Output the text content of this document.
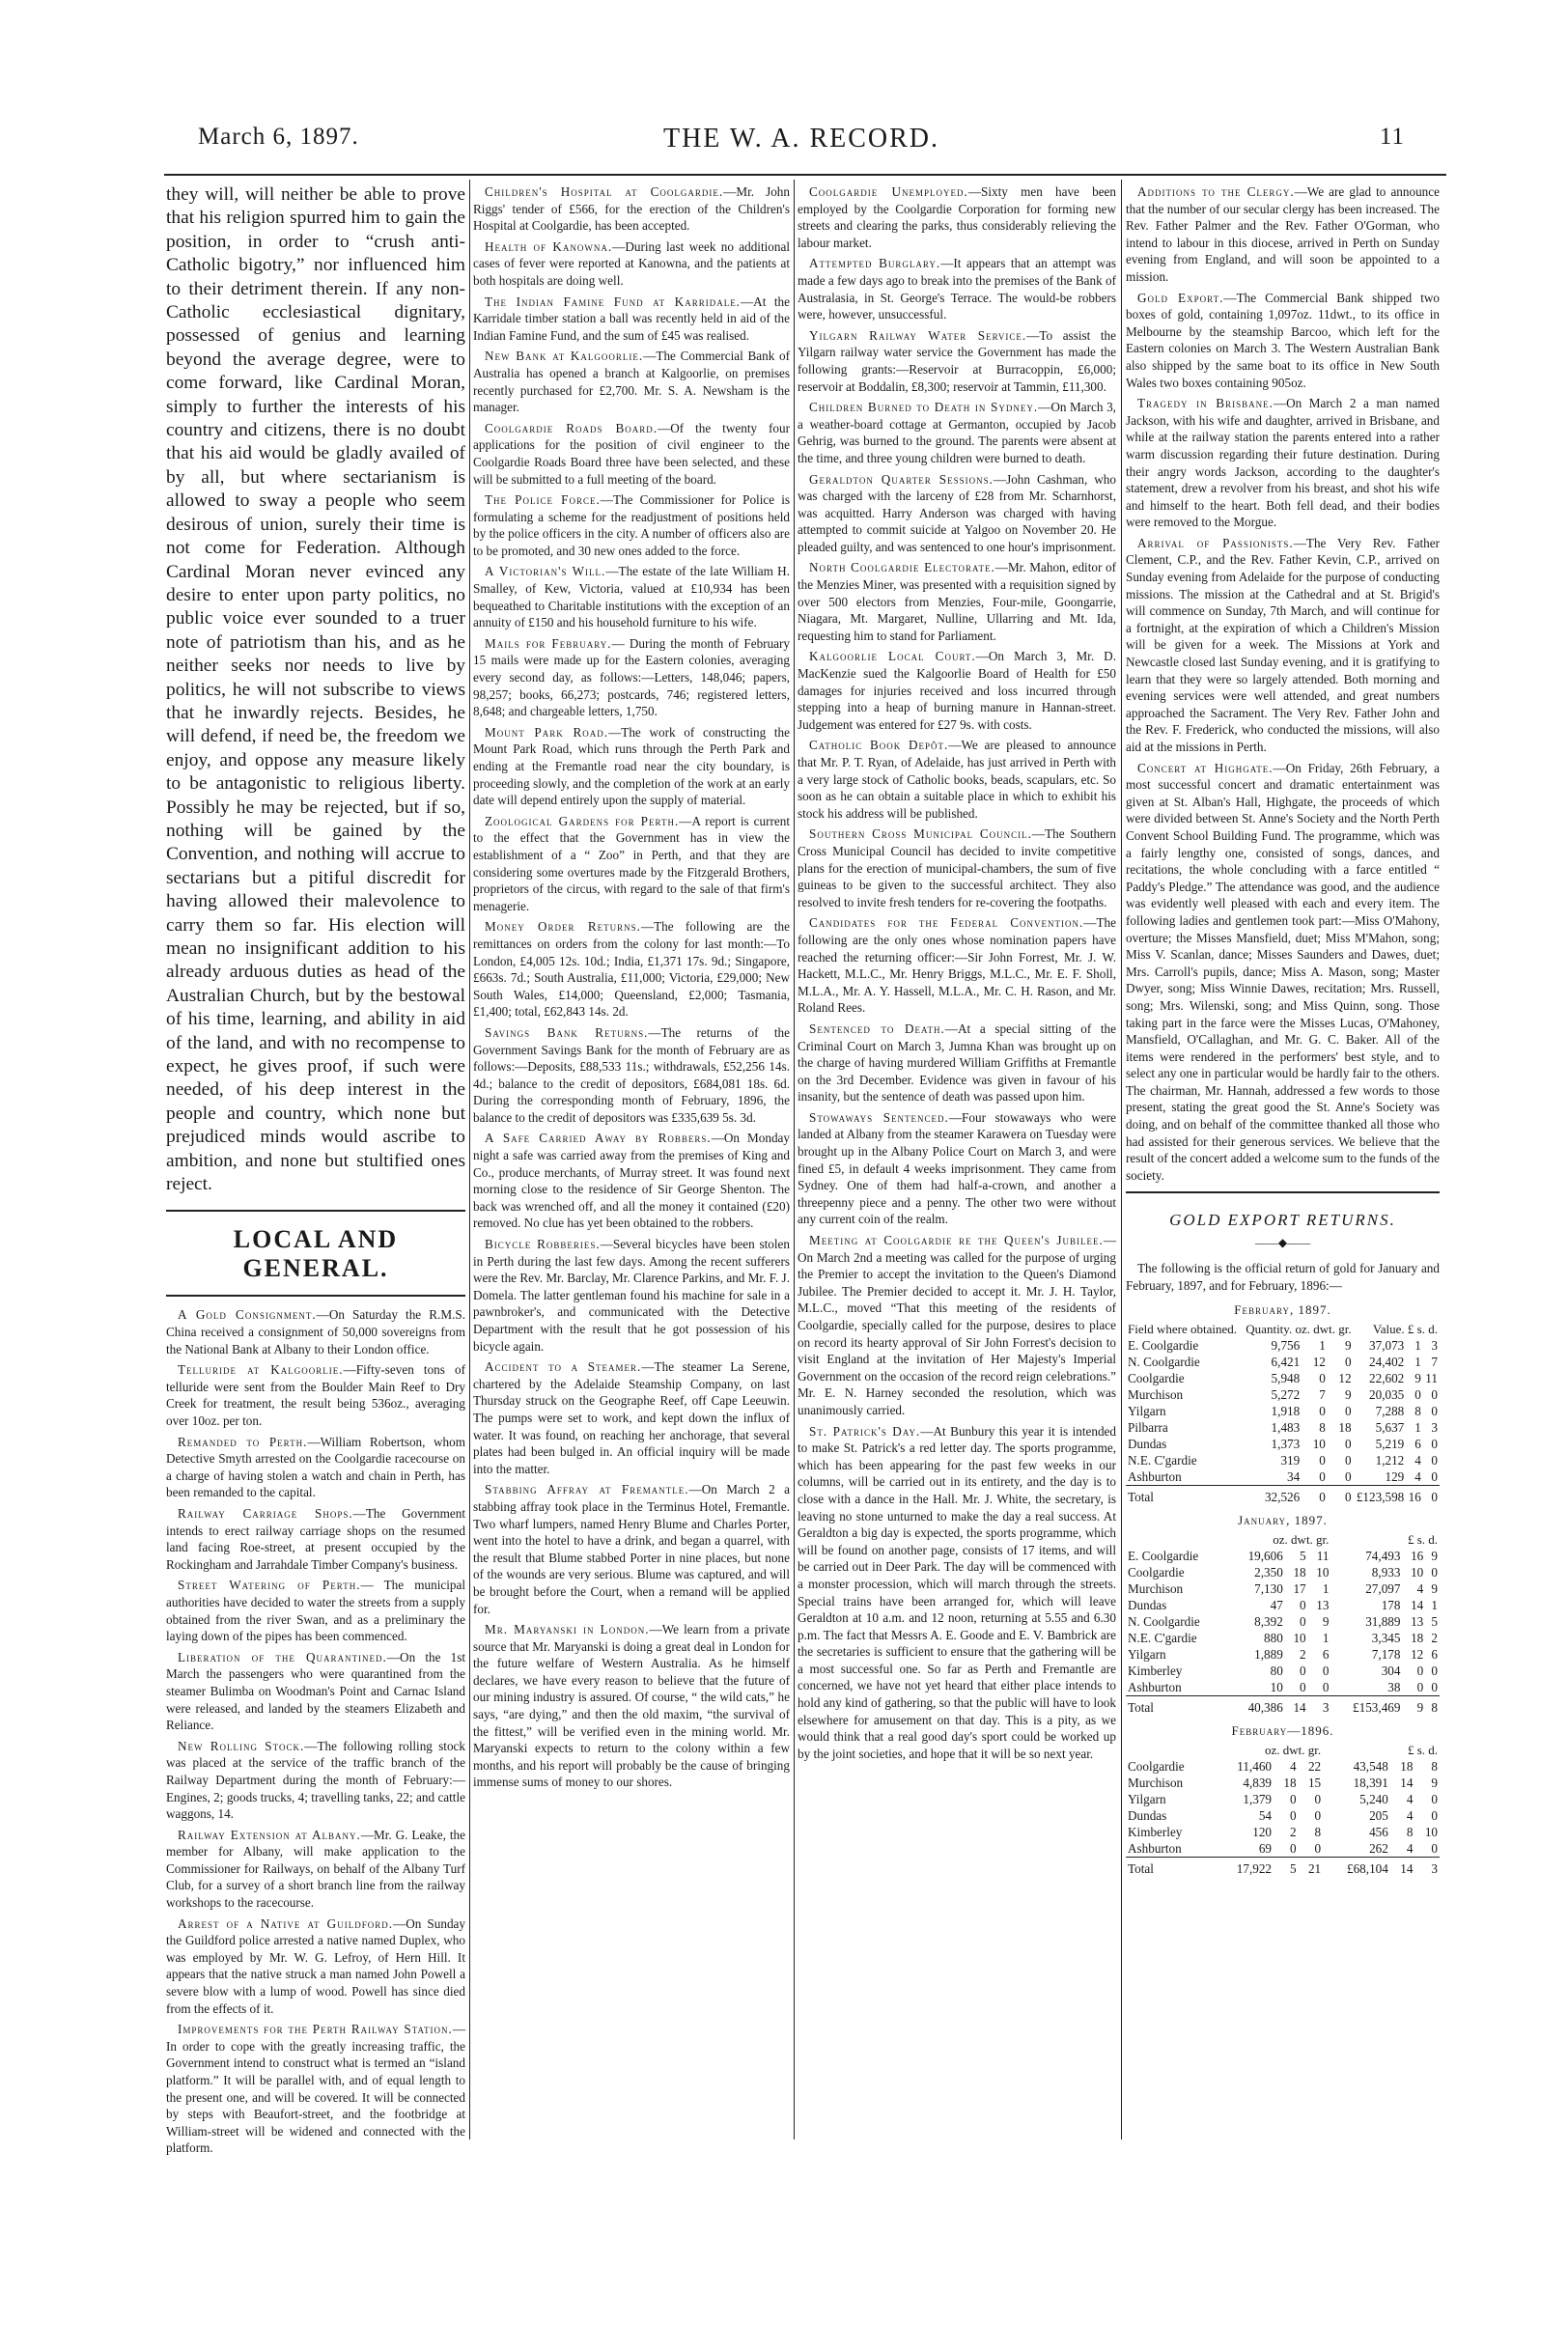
March 6, 1897.	THE W. A. RECORD.	11

they will, will neither be able to prove that his religion spurred him to gain the position, in order to “crush anti-Catholic bigotry,” nor influenced him to their detriment therein. If any non-Catholic ecclesiastical dignitary, possessed of genius and learning beyond the average degree, were to come forward, like Cardinal Moran, simply to further the interests of his country and citizens, there is no doubt that his aid would be gladly availed of by all, but where sectarianism is allowed to sway a people who seem desirous of union, surely their time is not come for Federation. Although Cardinal Moran never evinced any desire to enter upon party politics, no public voice ever sounded to a truer note of patriotism than his, and as he neither seeks nor needs to live by politics, he will not subscribe to views that he inwardly rejects. Besides, he will defend, if need be, the freedom we enjoy, and oppose any measure likely to be antagonistic to religious liberty. Possibly he may be rejected, but if so, nothing will be gained by the Convention, and nothing will accrue to sectarians but a pitiful discredit for having allowed their malevolence to carry them so far. His election will mean no insignificant addition to his already arduous duties as head of the Australian Church, but by the bestowal of his time, learning, and ability in aid of the land, and with no recompense to expect, he gives proof, if such were needed, of his deep interest in the people and country, which none but prejudiced minds would ascribe to ambition, and none but stultified ones reject.

LOCAL AND GENERAL.

A Gold Consignment.—On Saturday the R.M.S. China received a consignment of 50,000 sovereigns from the National Bank at Albany to their London office.

Telluride at Kalgoorlie.—Fifty-seven tons of telluride were sent from the Boulder Main Reef to Dry Creek for treatment, the result being 536oz., averaging over 10oz. per ton.

Remanded to Perth.—William Robertson, whom Detective Smyth arrested on the Coolgardie racecourse on a charge of having stolen a watch and chain in Perth, has been remanded to the capital.

Railway Carriage Shops.—The Government intends to erect railway carriage shops on the resumed land facing Roe-street, at present occupied by the Rockingham and Jarrahdale Timber Company's business.

Street Watering of Perth.— The municipal authorities have decided to water the streets from a supply obtained from the river Swan, and as a preliminary the laying down of the pipes has been commenced.

Liberation of the Quarantined.—On the 1st March the passengers who were quarantined from the steamer Bulimba on Woodman's Point and Carnac Island were released, and landed by the steamers Elizabeth and Reliance.

New Rolling Stock.—The following rolling stock was placed at the service of the traffic branch of the Railway Department during the month of February:—Engines, 2; goods trucks, 4; travelling tanks, 22; and cattle waggons, 14.

Railway Extension at Albany.—Mr. G. Leake, the member for Albany, will make application to the Commissioner for Railways, on behalf of the Albany Turf Club, for a survey of a short branch line from the railway workshops to the racecourse.

Arrest of a Native at Guildford.—On Sunday the Guildford police arrested a native named Duplex, who was employed by Mr. W. G. Lefroy, of Hern Hill. It appears that the native struck a man named John Powell a severe blow with a lump of wood. Powell has since died from the effects of it.

Improvements for the Perth Railway Station.—In order to cope with the greatly increasing traffic, the Government intend to construct what is termed an “island platform.” It will be parallel with, and of equal length to the present one, and will be covered. It will be connected by steps with Beaufort-street, and the footbridge at William-street will be widened and connected with the platform.

Children's Hospital at Coolgardie.—Mr. John Riggs' tender of £566, for the erection of the Children's Hospital at Coolgardie, has been accepted.

Health of Kanowna.—During last week no additional cases of fever were reported at Kanowna, and the patients at both hospitals are doing well.

The Indian Famine Fund at Karridale.—At the Karridale timber station a ball was recently held in aid of the Indian Famine Fund, and the sum of £45 was realised.

New Bank at Kalgoorlie.—The Commercial Bank of Australia has opened a branch at Kalgoorlie, on premises recently purchased for £2,700. Mr. S. A. Newsham is the manager.

Coolgardie Roads Board.—Of the twenty four applications for the position of civil engineer to the Coolgardie Roads Board three have been selected, and these will be submitted to a full meeting of the board.

The Police Force.—The Commissioner for Police is formulating a scheme for the readjustment of positions held by the police officers in the city. A number of officers also are to be promoted, and 30 new ones added to the force.

A Victorian's Will.—The estate of the late William H. Smalley, of Kew, Victoria, valued at £10,934 has been bequeathed to Charitable institutions with the exception of an annuity of £150 and his household furniture to his wife.

Mails for February.— During the month of February 15 mails were made up for the Eastern colonies, averaging every second day, as follows:—Letters, 148,046; papers, 98,257; books, 66,273; postcards, 746; registered letters, 8,648; and chargeable letters, 1,750.

Mount Park Road.—The work of constructing the Mount Park Road, which runs through the Perth Park and ending at the Fremantle road near the city boundary, is proceeding slowly, and the completion of the work at an early date will depend entirely upon the supply of material.

Zoological Gardens for Perth.—A report is current to the effect that the Government has in view the establishment of a “ Zoo” in Perth, and that they are considering some overtures made by the Fitzgerald Brothers, proprietors of the circus, with regard to the sale of that firm's menagerie.

Money Order Returns.—The following are the remittances on orders from the colony for last month:—To London, £4,005 12s. 10d.; India, £1,371 17s. 9d.; Singapore, £663s. 7d.; South Australia, £11,000; Victoria, £29,000; New South Wales, £14,000; Queensland, £2,000; Tasmania, £1,400; total, £62,843 14s. 2d.

Savings Bank Returns.—The returns of the Government Savings Bank for the month of February are as follows:—Deposits, £88,533 11s.; withdrawals, £52,256 14s. 4d.; balance to the credit of depositors, £684,081 18s. 6d. During the corresponding month of February, 1896, the balance to the credit of depositors was £335,639 5s. 3d.

A Safe Carried Away by Robbers.—On Monday night a safe was carried away from the premises of King and Co., produce merchants, of Murray street. It was found next morning close to the residence of Sir George Shenton. The back was wrenched off, and all the money it contained (£20) removed. No clue has yet been obtained to the robbers.

Bicycle Robberies.—Several bicycles have been stolen in Perth during the last few days. Among the recent sufferers were the Rev. Mr. Barclay, Mr. Clarence Parkins, and Mr. F. J. Domela. The latter gentleman found his machine for sale in a pawnbroker's, and communicated with the Detective Department with the result that he got possession of his bicycle again.

Accident to a Steamer.—The steamer La Serene, chartered by the Adelaide Steamship Company, on last Thursday struck on the Geographe Reef, off Cape Leeuwin. The pumps were set to work, and kept down the influx of water. It was found, on reaching her anchorage, that several plates had been bulged in. An official inquiry will be made into the matter.

Stabbing Affray at Fremantle.—On March 2 a stabbing affray took place in the Terminus Hotel, Fremantle. Two wharf lumpers, named Henry Blume and Charles Porter, went into the hotel to have a drink, and began a quarrel, with the result that Blume stabbed Porter in nine places, but none of the wounds are very serious. Blume was captured, and will be brought before the Court, when a remand will be applied for.

Mr. Maryanski in London.—We learn from a private source that Mr. Maryanski is doing a great deal in London for the future welfare of Western Australia. As he himself declares, we have every reason to believe that the future of our mining industry is assured. Of course, “ the wild cats,” he says, “are dying,” and then the old maxim, “the survival of the fittest,” will be verified even in the mining world. Mr. Maryanski expects to return to the colony within a few months, and his report will probably be the cause of bringing immense sums of money to our shores.

Coolgardie Unemployed.—Sixty men have been employed by the Coolgardie Corporation for forming new streets and clearing the parks, thus considerably relieving the labour market.

Attempted Burglary.—It appears that an attempt was made a few days ago to break into the premises of the Bank of Australasia, in St. George's Terrace. The would-be robbers were, however, unsuccessful.

Yilgarn Railway Water Service.—To assist the Yilgarn railway water service the Government has made the following grants:—Reservoir at Burracoppin, £6,000; reservoir at Boddalin, £8,300; reservoir at Tammin, £11,300.

Children Burned to Death in Sydney.—On March 3, a weather-board cottage at Germanton, occupied by Jacob Gehrig, was burned to the ground. The parents were absent at the time, and three young children were burned to death.

Geraldton Quarter Sessions.—John Cashman, who was charged with the larceny of £28 from Mr. Scharnhorst, was acquitted. Harry Anderson was charged with having attempted to commit suicide at Yalgoo on November 20. He pleaded guilty, and was sentenced to one hour's imprisonment.

North Coolgardie Electorate.—Mr. Mahon, editor of the Menzies Miner, was presented with a requisition signed by over 500 electors from Menzies, Four-mile, Goongarrie, Niagara, Mt. Margaret, Nulline, Ullarring and Mt. Ida, requesting him to stand for Parliament.

Kalgoorlie Local Court.—On March 3, Mr. D. MacKenzie sued the Kalgoorlie Board of Health for £50 damages for injuries received and loss incurred through stepping into a heap of burning manure in Hannan-street. Judgement was entered for £27 9s. with costs.

Catholic Book Depôt.—We are pleased to announce that Mr. P. T. Ryan, of Adelaide, has just arrived in Perth with a very large stock of Catholic books, beads, scapulars, etc. So soon as he can obtain a suitable place in which to exhibit his stock his address will be published.

Southern Cross Municipal Council.—The Southern Cross Municipal Council has decided to invite competitive plans for the erection of municipal-chambers, the sum of five guineas to be given to the successful architect. They also resolved to invite fresh tenders for re-covering the footpaths.

Candidates for the Federal Convention.—The following are the only ones whose nomination papers have reached the returning officer:—Sir John Forrest, Mr. J. W. Hackett, M.L.C., Mr. Henry Briggs, M.L.C., Mr. E. F. Sholl, M.L.A., Mr. A. Y. Hassell, M.L.A., Mr. C. H. Rason, and Mr. Roland Rees.

Sentenced to Death.—At a special sitting of the Criminal Court on March 3, Jumna Khan was brought up on the charge of having murdered William Griffiths at Fremantle on the 3rd December. Evidence was given in favour of his insanity, but the sentence of death was passed upon him.

Stowaways Sentenced.—Four stowaways who were landed at Albany from the steamer Karawera on Tuesday were brought up in the Albany Police Court on March 3, and were fined £5, in default 4 weeks imprisonment. They came from Sydney. One of them had half-a-crown, and another a threepenny piece and a penny. The other two were without any current coin of the realm.

Meeting at Coolgardie re the Queen's Jubilee.—On March 2nd a meeting was called for the purpose of urging the Premier to accept the invitation to the Queen's Diamond Jubilee. The Premier decided to accept it. Mr. J. H. Taylor, M.L.C., moved “That this meeting of the residents of Coolgardie, specially called for the purpose, desires to place on record its hearty approval of Sir John Forrest's decision to visit England at the invitation of Her Majesty's Imperial Government on the occasion of the record reign celebrations.” Mr. E. N. Harney seconded the resolution, which was unanimously carried.

St. Patrick's Day.—At Bunbury this year it is intended to make St. Patrick's a red letter day. The sports programme, which has been appearing for the past few weeks in our columns, will be carried out in its entirety, and the day is to close with a dance in the Hall. Mr. J. White, the secretary, is leaving no stone unturned to make the day a real success. At Geraldton a big day is expected, the sports programme, which will be found on another page, consists of 17 items, and will be carried out in Deer Park. The day will be commenced with a monster procession, which will march through the streets. Special trains have been arranged for, which will leave Geraldton at 10 a.m. and 12 noon, returning at 5.55 and 6.30 p.m. The fact that Messrs A. E. Goode and E. V. Bambrick are the secretaries is sufficient to ensure that the gathering will be a most successful one. So far as Perth and Fremantle are concerned, we have not yet heard that either place intends to hold any kind of gathering, so that the public will have to look elsewhere for amusement on that day. This is a pity, as we would think that a real good day's sport could be worked up by the joint societies, and hope that it will be so next year.

Additions to the Clergy.—We are glad to announce that the number of our secular clergy has been increased. The Rev. Father Palmer and the Rev. Father O'Gorman, who intend to labour in this diocese, arrived in Perth on Sunday evening from England, and will soon be appointed to a mission.

Gold Export.—The Commercial Bank shipped two boxes of gold, containing 1,097oz. 11dwt., to its office in Melbourne by the steamship Barcoo, which left for the Eastern colonies on March 3. The Western Australian Bank also shipped by the same boat to its office in New South Wales two boxes containing 905oz.

Tragedy in Brisbane.—On March 2 a man named Jackson, with his wife and daughter, arrived in Brisbane, and while at the railway station the parents entered into a rather warm discussion regarding their future destination. During their angry words Jackson, according to the daughter's statement, drew a revolver from his breast, and shot his wife and himself to the heart. Both fell dead, and their bodies were removed to the Morgue.

Arrival of Passionists.—The Very Rev. Father Clement, C.P., and the Rev. Father Kevin, C.P., arrived on Sunday evening from Adelaide for the purpose of conducting missions. The mission at the Cathedral and at St. Brigid's will commence on Sunday, 7th March, and will continue for a fortnight, at the expiration of which a Children's Mission will be given for a week. The Missions at York and Newcastle closed last Sunday evening, and it is gratifying to learn that they were so largely attended. Both morning and evening services were well attended, and great numbers approached the Sacrament. The Very Rev. Father John and the Rev. F. Frederick, who conducted the missions, will also aid at the missions in Perth.

Concert at Highgate.—On Friday, 26th February, a most successful concert and dramatic entertainment was given at St. Alban's Hall, Highgate, the proceeds of which were divided between St. Anne's Society and the North Perth Convent School Building Fund. The programme, which was a fairly lengthy one, consisted of songs, dances, and recitations, the whole concluding with a farce entitled “ Paddy's Pledge.” The attendance was good, and the audience was evidently well pleased with each and every item. The following ladies and gentlemen took part:—Miss O'Mahony, overture; the Misses Mansfield, duet; Miss M'Mahon, song; Miss V. Scanlan, dance; Misses Saunders and Dawes, duet; Mrs. Carroll's pupils, dance; Miss A. Mason, song; Master Dwyer, song; Miss Winnie Dawes, recitation; Mrs. Russell, song; Mrs. Wilenski, song; and Miss Quinn, song. Those taking part in the farce were the Misses Lucas, O'Mahoney, Mansfield, O'Callaghan, and Mr. G. C. Baker. All of the items were rendered in the performers' best style, and to select any one in particular would be hardly fair to the others. The chairman, Mr. Hannah, addressed a few words to those present, stating the great good the St. Anne's Society was doing, and on behalf of the committee thanked all those who had assisted for their generous services. We believe that the result of the concert added a welcome sum to the funds of the society.

GOLD EXPORT RETURNS.
——◆——

The following is the official return of gold for January and February, 1897, and for February, 1896:—

February, 1897.
Field where obtained.	Quantity. oz. dwt. gr.			Value. £ s. d.		
E. Coolgardie	9,756	1	9	37,073	1	3
N. Coolgardie	6,421	12	0	24,402	1	7
Coolgardie	5,948	0	12	22,602	9	11
Murchison	5,272	7	9	20,035	0	0
Yilgarn	1,918	0	0	7,288	8	0
Pilbarra	1,483	8	18	5,637	1	3
Dundas	1,373	10	0	5,219	6	0
N.E. C'gardie	319	0	0	1,212	4	0
Ashburton	34	0	0	129	4	0
Total	32,526	0	0	£123,598	16	0
January, 1897.
	oz. dwt. gr.			£ s. d.		
E. Coolgardie	19,606	5	11	74,493	16	9
Coolgardie	2,350	18	10	8,933	10	0
Murchison	7,130	17	1	27,097	4	9
Dundas	47	0	13	178	14	1
N. Coolgardie	8,392	0	9	31,889	13	5
N.E. C'gardie	880	10	1	3,345	18	2
Yilgarn	1,889	2	6	7,178	12	6
Kimberley	80	0	0	304	0	0
Ashburton	10	0	0	38	0	0
Total	40,386	14	3	£153,469	9	8
February—1896.
	oz. dwt. gr.			£ s. d.		
Coolgardie	11,460	4	22	43,548	18	8
Murchison	4,839	18	15	18,391	14	9
Yilgarn	1,379	0	0	5,240	4	0
Dundas	54	0	0	205	4	0
Kimberley	120	2	8	456	8	10
Ashburton	69	0	0	262	4	0
Total	17,922	5	21	£68,104	14	3
